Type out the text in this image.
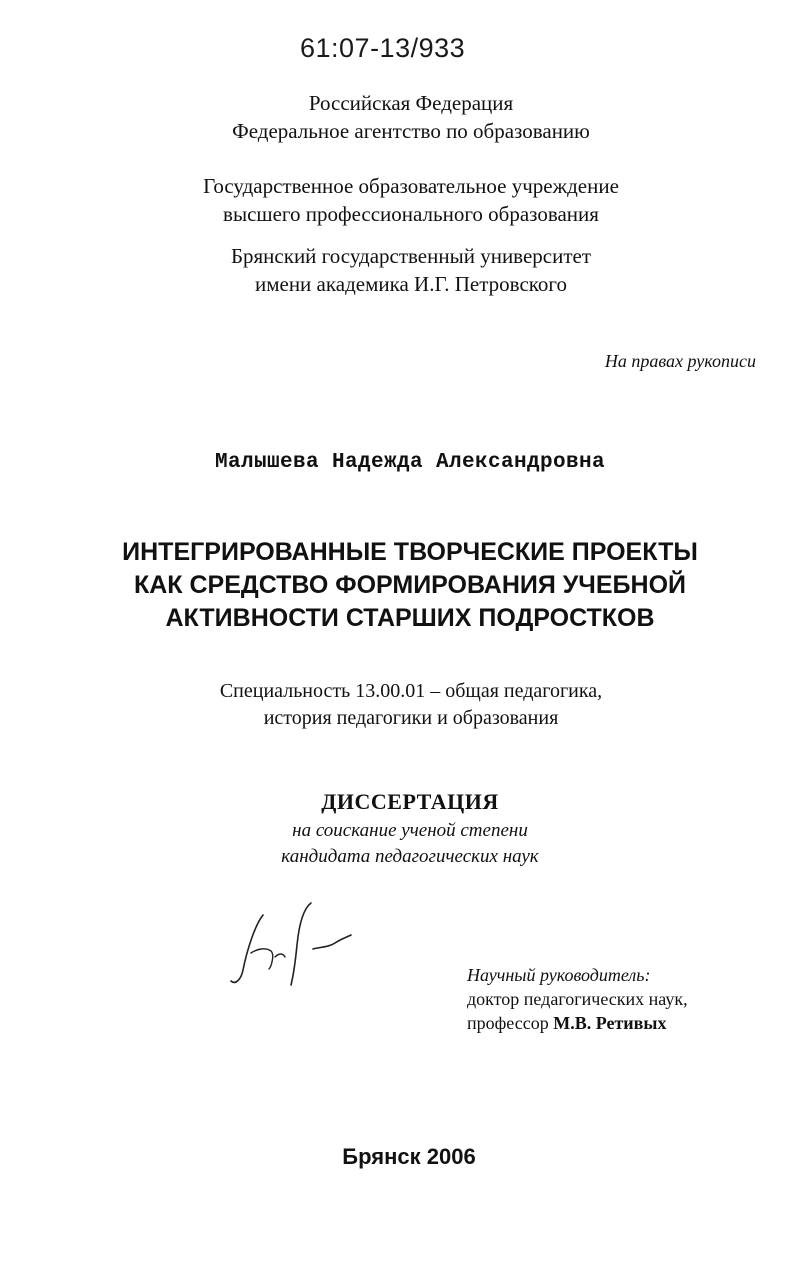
61:07-13/933
Российская Федерация
Федеральное агентство по образованию
Государственное образовательное учреждение
высшего профессионального образования
Брянский государственный университет
имени академика И.Г. Петровского
На правах рукописи
Малышева Надежда Александровна
ИНТЕГРИРОВАННЫЕ ТВОРЧЕСКИЕ ПРОЕКТЫ
КАК СРЕДСТВО ФОРМИРОВАНИЯ УЧЕБНОЙ
АКТИВНОСТИ СТАРШИХ ПОДРОСТКОВ
Специальность 13.00.01 – общая педагогика,
история педагогики и образования
ДИССЕРТАЦИЯ
на соискание ученой степени
кандидата педагогических наук
Научный руководитель:
доктор педагогических наук,
профессор М.В. Ретивых
Брянск 2006
